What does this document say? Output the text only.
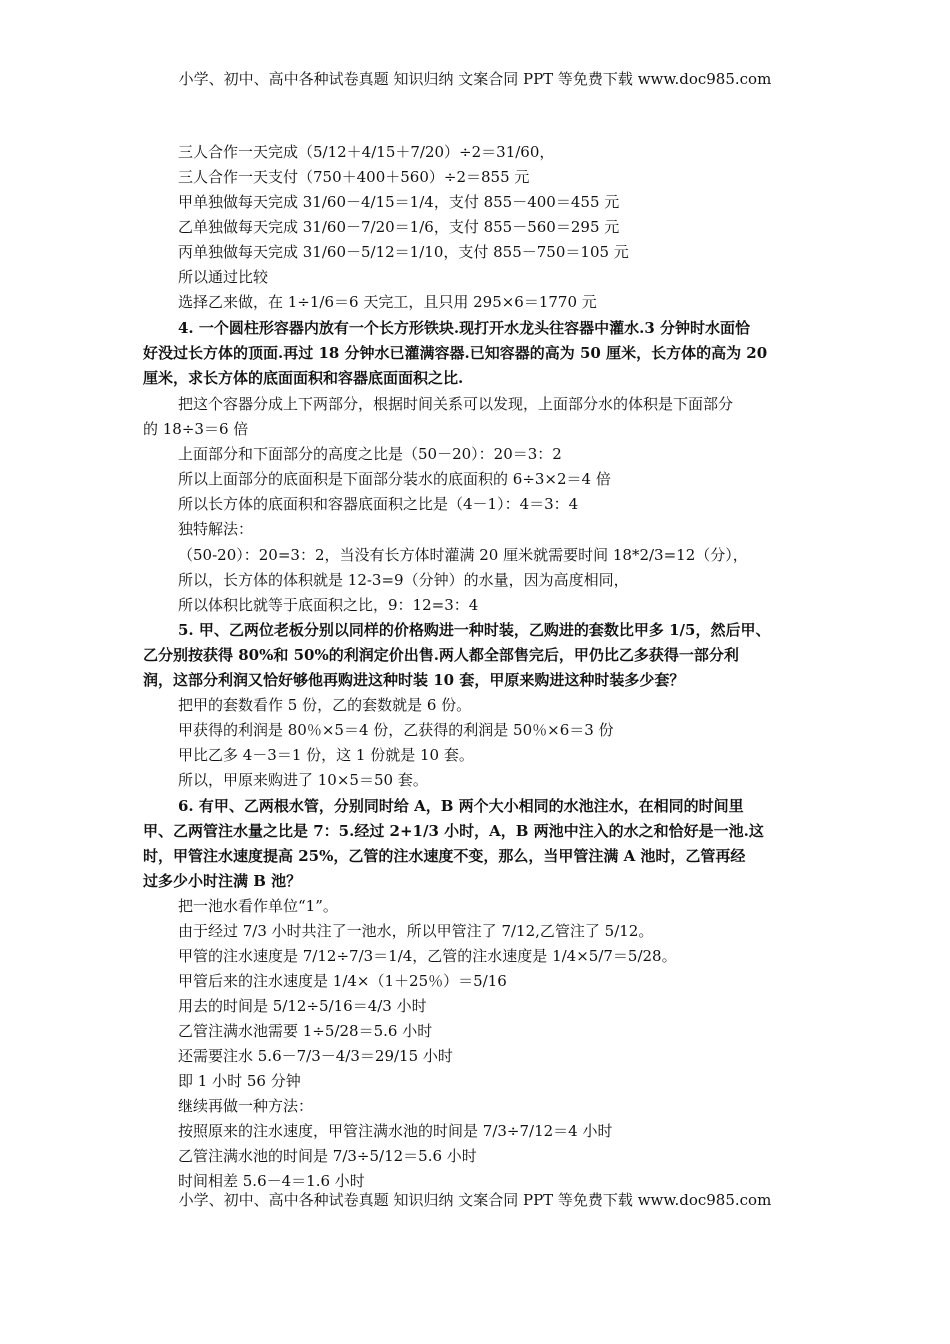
小学、初中、高中各种试卷真题 知识归纳 文案合同 PPT 等免费下载 www.doc985.com
三人合作一天完成（5/12＋4/15＋7/20）÷2＝31/60，
三人合作一天支付（750＋400＋560）÷2＝855 元
甲单独做每天完成 31/60－4/15＝1/4，支付 855－400＝455 元
乙单独做每天完成 31/60－7/20＝1/6，支付 855－560＝295 元
丙单独做每天完成 31/60－5/12＝1/10，支付 855－750＝105 元
所以通过比较
选择乙来做，在 1÷1/6＝6 天完工，且只用 295×6＝1770 元
4. 一个圆柱形容器内放有一个长方形铁块.现打开水龙头往容器中灌水.3 分钟时水面恰
好没过长方体的顶面.再过 18 分钟水已灌满容器.已知容器的高为 50 厘米，长方体的高为 20
厘米，求长方体的底面面积和容器底面面积之比.
把这个容器分成上下两部分，根据时间关系可以发现，上面部分水的体积是下面部分
的 18÷3＝6 倍
上面部分和下面部分的高度之比是（50－20）：20＝3：2
所以上面部分的底面积是下面部分装水的底面积的 6÷3×2＝4 倍
所以长方体的底面积和容器底面积之比是（4－1）：4＝3：4
独特解法：
（50-20）：20=3：2，当没有长方体时灌满 20 厘米就需要时间 18*2/3=12（分），
所以，长方体的体积就是 12-3=9（分钟）的水量，因为高度相同，
所以体积比就等于底面积之比，9：12=3：4
5. 甲、乙两位老板分别以同样的价格购进一种时装，乙购进的套数比甲多 1/5，然后甲、
乙分别按获得 80%和 50%的利润定价出售.两人都全部售完后，甲仍比乙多获得一部分利
润，这部分利润又恰好够他再购进这种时装 10 套，甲原来购进这种时装多少套？
把甲的套数看作 5 份，乙的套数就是 6 份。
甲获得的利润是 80％×5＝4 份，乙获得的利润是 50％×6＝3 份
甲比乙多 4－3＝1 份，这 1 份就是 10 套。
所以，甲原来购进了 10×5＝50 套。
6. 有甲、乙两根水管，分别同时给 A，B 两个大小相同的水池注水，在相同的时间里
甲、乙两管注水量之比是 7：5.经过 2+1/3 小时，A，B 两池中注入的水之和恰好是一池.这
时，甲管注水速度提高 25%，乙管的注水速度不变，那么，当甲管注满 A 池时，乙管再经
过多少小时注满 B 池？
把一池水看作单位“1”。
由于经过 7/3 小时共注了一池水，所以甲管注了 7/12,乙管注了 5/12。
甲管的注水速度是 7/12÷7/3＝1/4，乙管的注水速度是 1/4×5/7＝5/28。
甲管后来的注水速度是 1/4×（1＋25％）＝5/16
用去的时间是 5/12÷5/16＝4/3 小时
乙管注满水池需要 1÷5/28＝5.6 小时
还需要注水 5.6－7/3－4/3＝29/15 小时
即 1 小时 56 分钟
继续再做一种方法：
按照原来的注水速度，甲管注满水池的时间是 7/3÷7/12＝4 小时
乙管注满水池的时间是 7/3÷5/12＝5.6 小时
时间相差 5.6－4＝1.6 小时
小学、初中、高中各种试卷真题 知识归纳 文案合同 PPT 等免费下载 www.doc985.com
